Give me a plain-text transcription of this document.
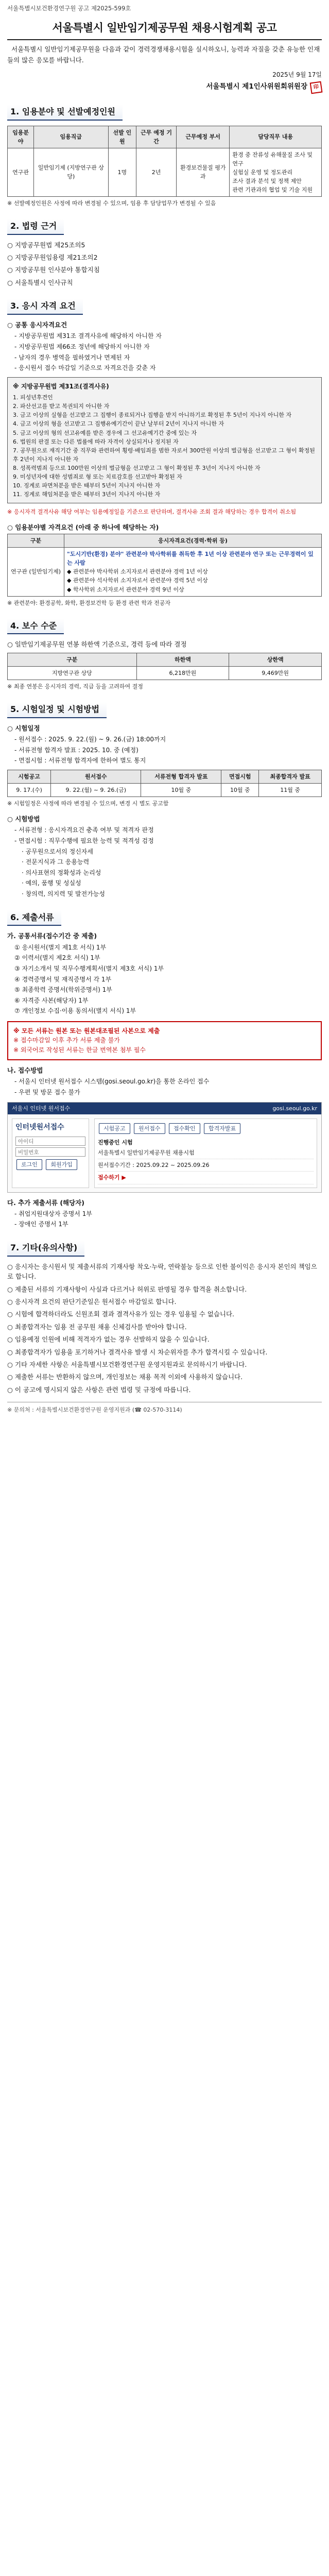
서울특별시보건환경연구원 공고 제2025-599호
서울특별시 일반임기제공무원 채용시험계획 공고

서울특별시 일반임기제공무원을 다음과 같이 경력경쟁채용시험을 실시하오니, 능력과 자질을 갖춘 유능한 인재들의 많은 응모를 바랍니다.

2025년 9월 17일
서울특별시 제1인사위원회위원장 印
1. 임용분야 및 선발예정인원
임용분야	임용직급	선발 인원	근무 예정 기간	근무예정 부서	담당직무 내용
연구관	일반임기제 (지방연구관 상당)	1명	2년	환경보건물질 평가과	환경 중 잔류성 유해물질 조사 및 연구
실험실 운영 및 정도관리
조사 결과 분석 및 정책 제안
관련 기관과의 협업 및 기술 지원
※ 선발예정인원은 사정에 따라 변경될 수 있으며, 임용 후 담당업무가 변경될 수 있음
2. 법령 근거
○ 지방공무원법 제25조의5
○ 지방공무원임용령 제21조의2
○ 지방공무원 인사분야 통합지침
○ 서울특별시 인사규칙
3. 응시 자격 요건
○ 공통 응시자격요건
- 지방공무원법 제31조 결격사유에 해당하지 아니한 자
- 지방공무원법 제66조 정년에 해당하지 아니한 자
- 남자의 경우 병역을 필하였거나 면제된 자
- 응시원서 접수 마감일 기준으로 자격요건을 갖춘 자
※ 지방공무원법 제31조(결격사유)
1. 피성년후견인
2. 파산선고를 받고 복권되지 아니한 자
3. 금고 이상의 실형을 선고받고 그 집행이 종료되거나 집행을 받지 아니하기로 확정된 후 5년이 지나지 아니한 자
4. 금고 이상의 형을 선고받고 그 집행유예기간이 끝난 날부터 2년이 지나지 아니한 자
5. 금고 이상의 형의 선고유예를 받은 경우에 그 선고유예기간 중에 있는 자
6. 법원의 판결 또는 다른 법률에 따라 자격이 상실되거나 정지된 자
7. 공무원으로 재직기간 중 직무와 관련하여 횡령·배임죄를 범한 자로서 300만원 이상의 벌금형을 선고받고 그 형이 확정된 후 2년이 지나지 아니한 자
8. 성폭력범죄 등으로 100만원 이상의 벌금형을 선고받고 그 형이 확정된 후 3년이 지나지 아니한 자
9. 미성년자에 대한 성범죄로 형 또는 치료감호를 선고받아 확정된 자
10. 징계로 파면처분을 받은 때부터 5년이 지나지 아니한 자
11. 징계로 해임처분을 받은 때부터 3년이 지나지 아니한 자
※ 응시자격 결격사유 해당 여부는 임용예정일을 기준으로 판단하며, 결격사유 조회 결과 해당하는 경우 합격이 취소됨
○ 임용분야별 자격요건 (아래 중 하나에 해당하는 자)
구분	응시자격요건(경력·학위 등)
연구관 (일반임기제)	"도시기반(환경) 분야" 관련분야 박사학위를 취득한 후 1년 이상 관련분야 연구 또는 근무경력이 있는 사람
◆ 관련분야 박사학위 소지자로서 관련분야 경력 1년 이상
◆ 관련분야 석사학위 소지자로서 관련분야 경력 5년 이상
◆ 학사학위 소지자로서 관련분야 경력 9년 이상
※ 관련분야: 환경공학, 화학, 환경보건학 등 환경 관련 학과 전공자
4. 보수 수준
○ 일반임기제공무원 연봉 하한액 기준으로, 경력 등에 따라 결정
구분	하한액	상한액
지방연구관 상당	6,218만원	9,469만원
※ 최종 연봉은 응시자의 경력, 직급 등을 고려하여 결정
5. 시험일정 및 시험방법
○ 시험일정
- 원서접수 : 2025. 9. 22.(월) ~ 9. 26.(금) 18:00까지
- 서류전형 합격자 발표 : 2025. 10. 중 (예정)
- 면접시험 : 서류전형 합격자에 한하여 별도 통지
시험공고	원서접수	서류전형 합격자 발표	면접시험	최종합격자 발표
9. 17.(수)	9. 22.(월) ~ 9. 26.(금)	10월 중	10월 중	11월 중
※ 시험일정은 사정에 따라 변경될 수 있으며, 변경 시 별도 공고함
○ 시험방법
- 서류전형 : 응시자격요건 충족 여부 및 적격자 판정
- 면접시험 : 직무수행에 필요한 능력 및 적격성 검정
· 공무원으로서의 정신자세
· 전문지식과 그 응용능력
· 의사표현의 정확성과 논리성
· 예의, 품행 및 성실성
· 창의력, 의지력 및 발전가능성
6. 제출서류
가. 공통서류(접수기간 중 제출)
① 응시원서(별지 제1호 서식) 1부
② 이력서(별지 제2호 서식) 1부
③ 자기소개서 및 직무수행계획서(별지 제3호 서식) 1부
④ 경력증명서 및 재직증명서 각 1부
⑤ 최종학력 증명서(학위증명서) 1부
⑥ 자격증 사본(해당자) 1부
⑦ 개인정보 수집·이용 동의서(별지 서식) 1부
※ 모든 서류는 원본 또는 원본대조필된 사본으로 제출
※ 접수마감일 이후 추가 서류 제출 불가
※ 외국어로 작성된 서류는 한글 번역본 첨부 필수
나. 접수방법
- 서울시 인터넷 원서접수 시스템(gosi.seoul.go.kr)을 통한 온라인 접수
- 우편 및 방문 접수 불가
서울시 인터넷 원서접수	gosi.seoul.go.kr
인터넷원서접수
아이디
비밀번호
로그인 회원가입
시험공고 원서접수 접수확인 합격자발표
진행중인 시험
서울특별시 일반임기제공무원 채용시험
원서접수기간 : 2025.09.22 ~ 2025.09.26
접수하기 ▶
다. 추가 제출서류 (해당자)
- 취업지원대상자 증명서 1부
- 장애인 증명서 1부
7. 기타(유의사항)
○ 응시자는 응시원서 및 제출서류의 기재사항 착오·누락, 연락불능 등으로 인한 불이익은 응시자 본인의 책임으로 합니다.
○ 제출된 서류의 기재사항이 사실과 다르거나 허위로 판명될 경우 합격을 취소합니다.
○ 응시자격 요건의 판단기준일은 원서접수 마감일로 합니다.
○ 시험에 합격하더라도 신원조회 결과 결격사유가 있는 경우 임용될 수 없습니다.
○ 최종합격자는 임용 전 공무원 채용 신체검사를 받아야 합니다.
○ 임용예정 인원에 비해 적격자가 없는 경우 선발하지 않을 수 있습니다.
○ 최종합격자가 임용을 포기하거나 결격사유 발생 시 차순위자를 추가 합격시킬 수 있습니다.
○ 기타 자세한 사항은 서울특별시보건환경연구원 운영지원과로 문의하시기 바랍니다.
○ 제출한 서류는 반환하지 않으며, 개인정보는 채용 목적 이외에 사용하지 않습니다.
○ 이 공고에 명시되지 않은 사항은 관련 법령 및 규정에 따릅니다.
※ 문의처 : 서울특별시보건환경연구원 운영지원과 (☎ 02-570-3114)
